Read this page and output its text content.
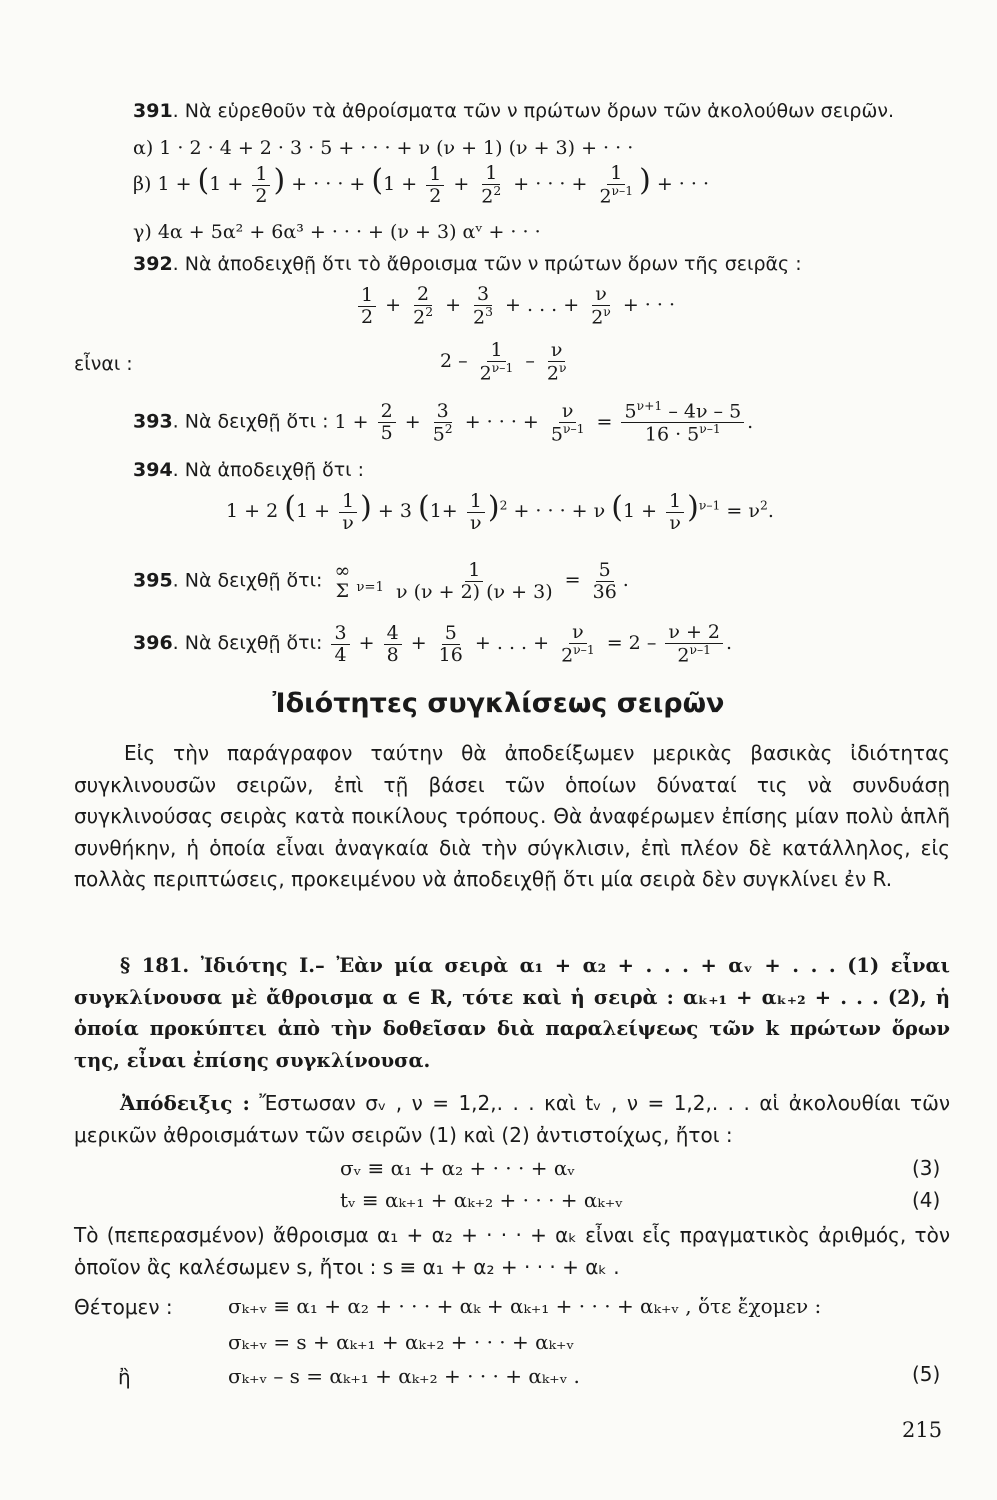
391. Νὰ εὑρεθοῦν τὰ ἀθροίσματα τῶν ν πρώτων ὅρων τῶν ἀκολούθων σειρῶν.
α) 1 · 2 · 4 + 2 · 3 · 5 + · · · + ν (ν + 1) (ν + 3) + · · ·
β) $1 + (1 + \frac{1}{2}$ ) + · · · + ($1 + \frac{1}{2} + \frac{1}{2^2}$ + · · · + $\frac{1}{2^{\nu-1}}$ ) + · · ·
γ) 4α + 5α² + 6α³ + · · · + (ν + 3) αᵛ + · · ·
392. Νὰ ἀποδειχθῇ ὅτι τὸ ἄθροισμα τῶν ν πρώτων ὅρων τῆς σειρᾶς :
$\frac{1}{2} + \frac{2}{2^2} + \frac{3}{2^3}$ + . . . + $\frac{\nu}{2^\nu}$ + · · ·
εἶναι :	$2 - \frac{1}{2^{\nu-1}} - \frac{\nu}{2^\nu}$
393. Νὰ δειχθῇ ὅτι : $1 + \frac{2}{5} + \frac{3}{5^2}$ + · · · + $\frac{\nu}{5^{\nu-1}} = \frac{5^{\nu+1} - 4\nu - 5}{16 \cdot 5^{\nu-1}}$ .
394. Νὰ ἀποδειχθῇ ὅτι :
1 + 2 ($1 + \frac{1}{\nu}$ ) + 3 $(1+ \frac{1}{\nu} )^2$ + · · · + ν $(1 + \frac{1}{\nu} )^{\nu-1} = \nu^2$.
395. Νὰ δειχθῇ ὅτι: ∞
Σ $_{\nu=1} \frac{1}{\nu (\nu + 2) (\nu + 3)} = \frac{5}{36}$ .
396. Νὰ δειχθῇ ὅτι: $\frac{3}{4} + \frac{4}{8} + \frac{5}{16}$ + . . . + $\frac{\nu}{2^{\nu-1}} = 2 - \frac{\nu + 2}{2^{\nu-1}}$ .
Ἰδιότητες συγκλίσεως σειρῶν
Εἰς τὴν παράγραφον ταύτην θὰ ἀποδείξωμεν μερικὰς βασικὰς ἰδιότητας συγκλινουσῶν σειρῶν, ἐπὶ τῇ βάσει τῶν ὁποίων δύναταί τις νὰ συνδυάσῃ συγκλινούσας σειρὰς κατὰ ποικίλους τρόπους. Θὰ ἀναφέρωμεν ἐπίσης μίαν πολὺ ἁπλῆ συνθήκην, ἡ ὁποία εἶναι ἀναγκαία διὰ τὴν σύγκλισιν, ἐπὶ πλέον δὲ κατάλληλος, εἰς πολλὰς περιπτώσεις, προκειμένου νὰ ἀποδειχθῇ ὅτι μία σειρὰ δὲν συγκλίνει ἐν R.
§ 181. Ἰδιότης I.– Ἐὰν μία σειρὰ α₁ + α₂ + . . . + αᵥ + . . . (1) εἶναι συγκλίνουσα μὲ ἄθροισμα α ∈ R, τότε καὶ ἡ σειρὰ : αₖ₊₁ + αₖ₊₂ + . . . (2), ἡ ὁποία προκύπτει ἀπὸ τὴν δοθεῖσαν διὰ παραλείψεως τῶν k πρώτων ὅρων της, εἶναι ἐπίσης συγκλίνουσα.
Ἀπόδειξις : Ἔστωσαν σᵥ , ν = 1,2,. . . καὶ tᵥ , ν = 1,2,. . . αἱ ἀκολουθίαι τῶν μερικῶν ἀθροισμάτων τῶν σειρῶν (1) καὶ (2) ἀντιστοίχως, ἤτοι :
σᵥ ≡ α₁ + α₂ + · · · + αᵥ	(3)
tᵥ ≡ αₖ₊₁ + αₖ₊₂ + · · · + αₖ₊ᵥ	(4)
Τὸ (πεπερασμένον) ἄθροισμα α₁ + α₂ + · · · + αₖ εἶναι εἷς πραγματικὸς ἀριθμός, τὸν ὁποῖον ἂς καλέσωμεν s, ἤτοι : s ≡ α₁ + α₂ + · · · + αₖ .
Θέτομεν :	σₖ₊ᵥ ≡ α₁ + α₂ + · · · + αₖ + αₖ₊₁ + · · · + αₖ₊ᵥ , ὅτε ἔχομεν :
σₖ₊ᵥ = s + αₖ₊₁ + αₖ₊₂ + · · · + αₖ₊ᵥ
ἢ	σₖ₊ᵥ – s = αₖ₊₁ + αₖ₊₂ + · · · + αₖ₊ᵥ .	(5)
215
